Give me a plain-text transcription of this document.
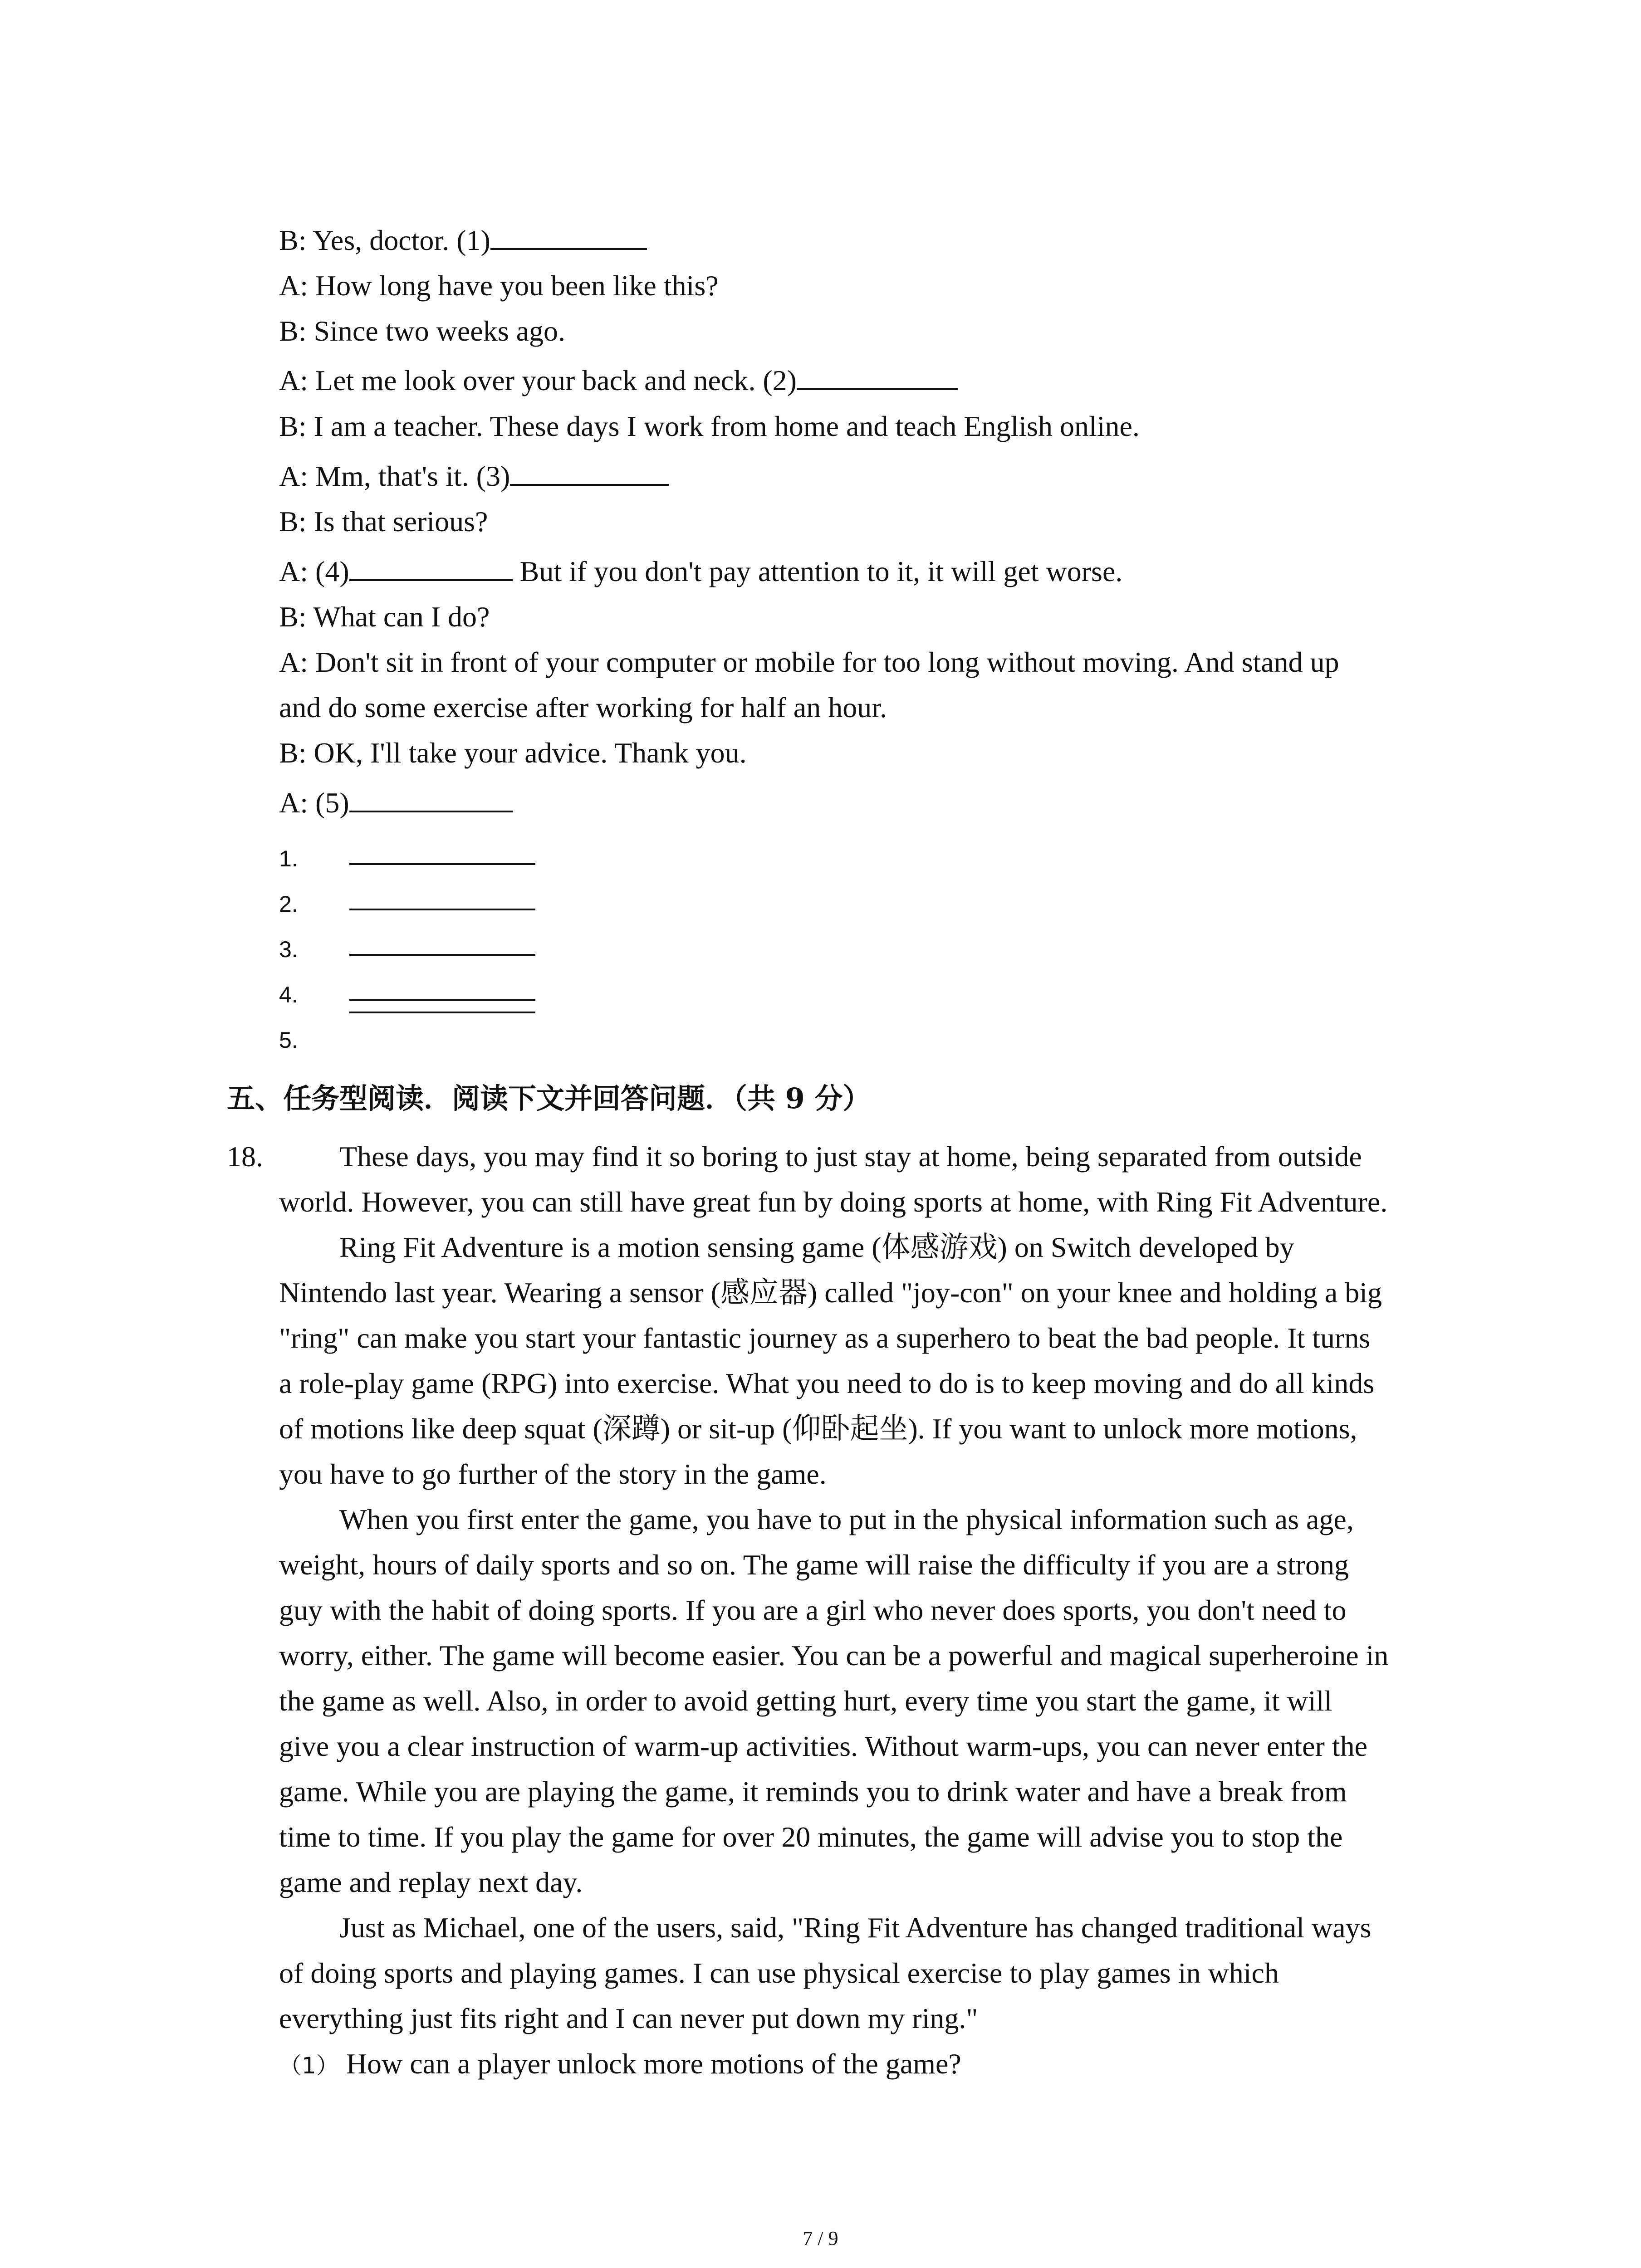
B: Yes, doctor. (1)
A: How long have you been like this?
B: Since two weeks ago.
A: Let me look over your back and neck. (2)
B: I am a teacher. These days I work from home and teach English online.
A: Mm, that's it. (3)
B: Is that serious?
A: (4)	But if you don't pay attention to it, it will get worse.
B: What can I do?
A: Don't sit in front of your computer or mobile for too long without moving. And stand up
and do some exercise after working for half an hour.
B: OK, I'll take your advice. Thank you.
A: (5)
1.
2.
3.
4.
5.
五、任务型阅读．阅读下文并回答问题．（共 9 分）
18.	These days, you may find it so boring to just stay at home, being separated from outside
world. However, you can still have great fun by doing sports at home, with Ring Fit Adventure.
Ring Fit Adventure is a motion sensing game (体感游戏) on Switch developed by
Nintendo last year. Wearing a sensor (感应器) called "joy-con" on your knee and holding a big
"ring" can make you start your fantastic journey as a superhero to beat the bad people. It turns
a role-play game (RPG) into exercise. What you need to do is to keep moving and do all kinds
of motions like deep squat (深蹲) or sit-up (仰卧起坐). If you want to unlock more motions,
you have to go further of the story in the game.
When you first enter the game, you have to put in the physical information such as age,
weight, hours of daily sports and so on. The game will raise the difficulty if you are a strong
guy with the habit of doing sports. If you are a girl who never does sports, you don't need to
worry, either. The game will become easier. You can be a powerful and magical superheroine in
the game as well. Also, in order to avoid getting hurt, every time you start the game, it will
give you a clear instruction of warm-up activities. Without warm-ups, you can never enter the
game. While you are playing the game, it reminds you to drink water and have a break from
time to time. If you play the game for over 20 minutes, the game will advise you to stop the
game and replay next day.
Just as Michael, one of the users, said, "Ring Fit Adventure has changed traditional ways
of doing sports and playing games. I can use physical exercise to play games in which
everything just fits right and I can never put down my ring."
（1） How can a player unlock more motions of the game?
7 / 9
